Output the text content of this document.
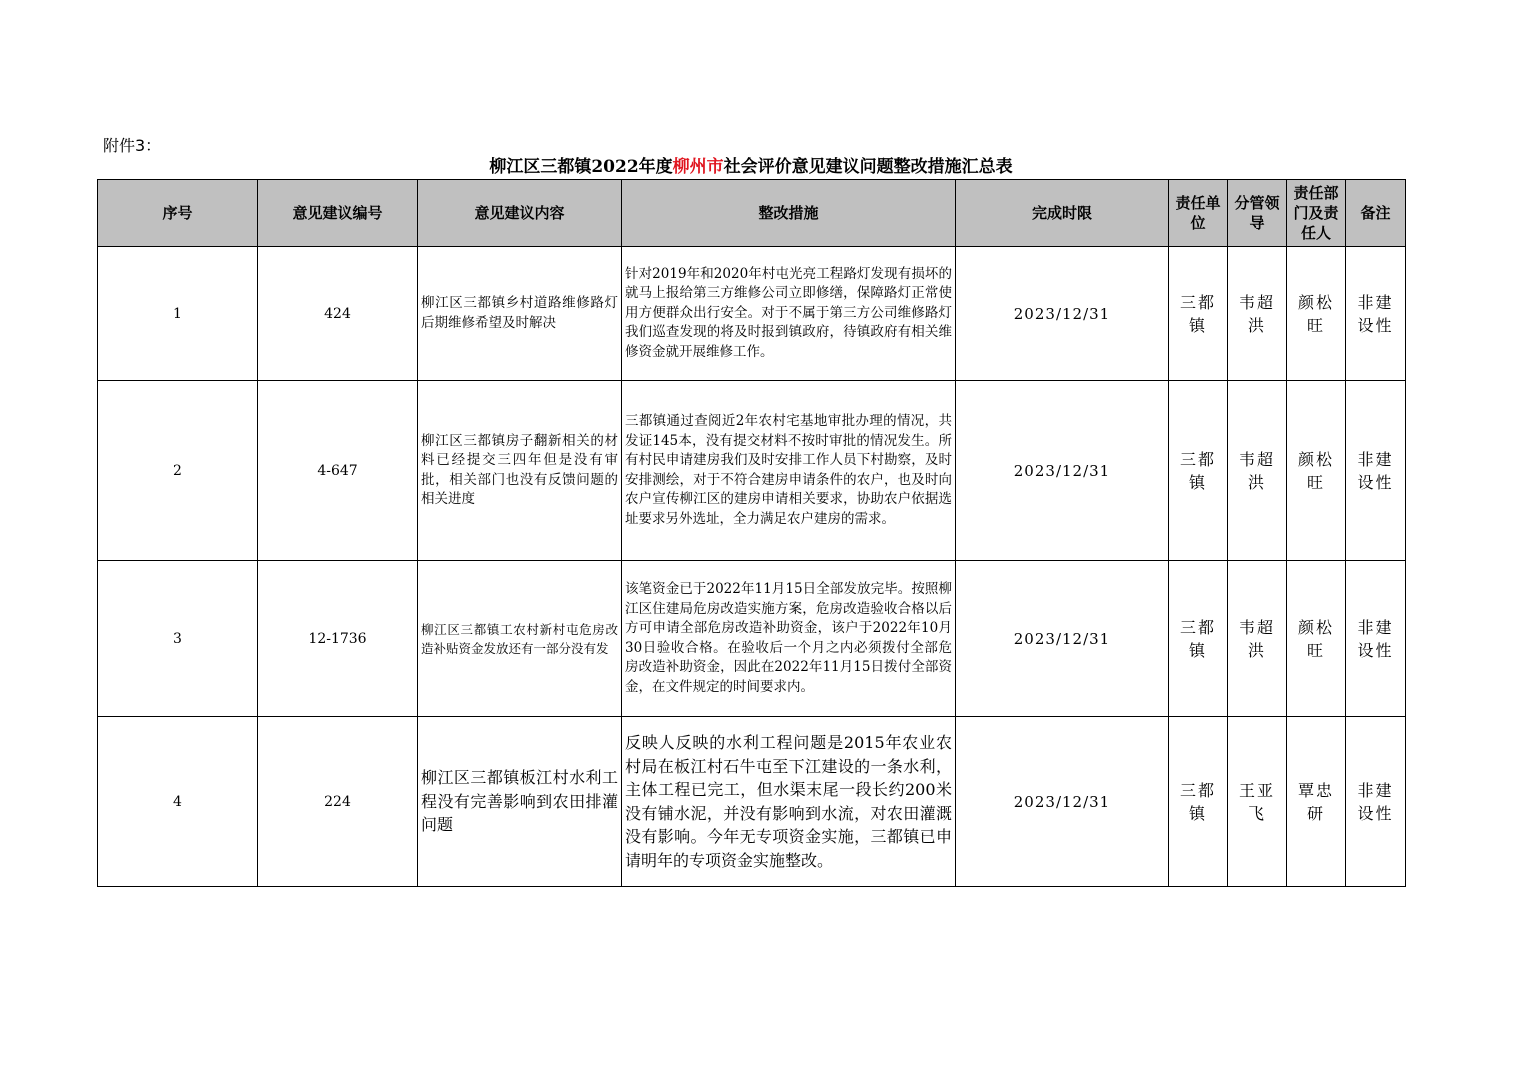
附件3：
柳江区三都镇2022年度柳州市社会评价意见建议问题整改措施汇总表
序号	意见建议编号	意见建议内容	整改措施	完成时限	责任单位	分管领导	责任部门及责任人	备注
1	424	柳江区三都镇乡村道路维修路灯后期维修希望及时解决	针对2019年和2020年村屯光亮工程路灯发现有损坏的就马上报给第三方维修公司立即修缮，保障路灯正常使用方便群众出行安全。对于不属于第三方公司维修路灯我们巡查发现的将及时报到镇政府，待镇政府有相关维修资金就开展维修工作。	2023/12/31	三都镇	韦超洪	颜松旺	非建设性
2	4-647	柳江区三都镇房子翻新相关的材料已经提交三四年但是没有审批，相关部门也没有反馈问题的相关进度	三都镇通过查阅近2年农村宅基地审批办理的情况，共发证145本，没有提交材料不按时审批的情况发生。所有村民申请建房我们及时安排工作人员下村勘察，及时安排测绘，对于不符合建房申请条件的农户，也及时向农户宣传柳江区的建房申请相关要求，协助农户依据选址要求另外选址，全力满足农户建房的需求。	2023/12/31	三都镇	韦超洪	颜松旺	非建设性
3	12-1736	柳江区三都镇工农村新村屯危房改造补贴资金发放还有一部分没有发	该笔资金已于2022年11月15日全部发放完毕。按照柳江区住建局危房改造实施方案，危房改造验收合格以后方可申请全部危房改造补助资金，该户于2022年10月30日验收合格。在验收后一个月之内必须拨付全部危房改造补助资金，因此在2022年11月15日拨付全部资金，在文件规定的时间要求内。	2023/12/31	三都镇	韦超洪	颜松旺	非建设性
4	224	柳江区三都镇板江村水利工程没有完善影响到农田排灌问题	反映人反映的水利工程问题是2015年农业农村局在板江村石牛屯至下江建设的一条水利，主体工程已完工，但水渠末尾一段长约200米没有铺水泥，并没有影响到水流，对农田灌溉没有影响。今年无专项资金实施，三都镇已申请明年的专项资金实施整改。	2023/12/31	三都镇	王亚飞	覃忠研	非建设性
